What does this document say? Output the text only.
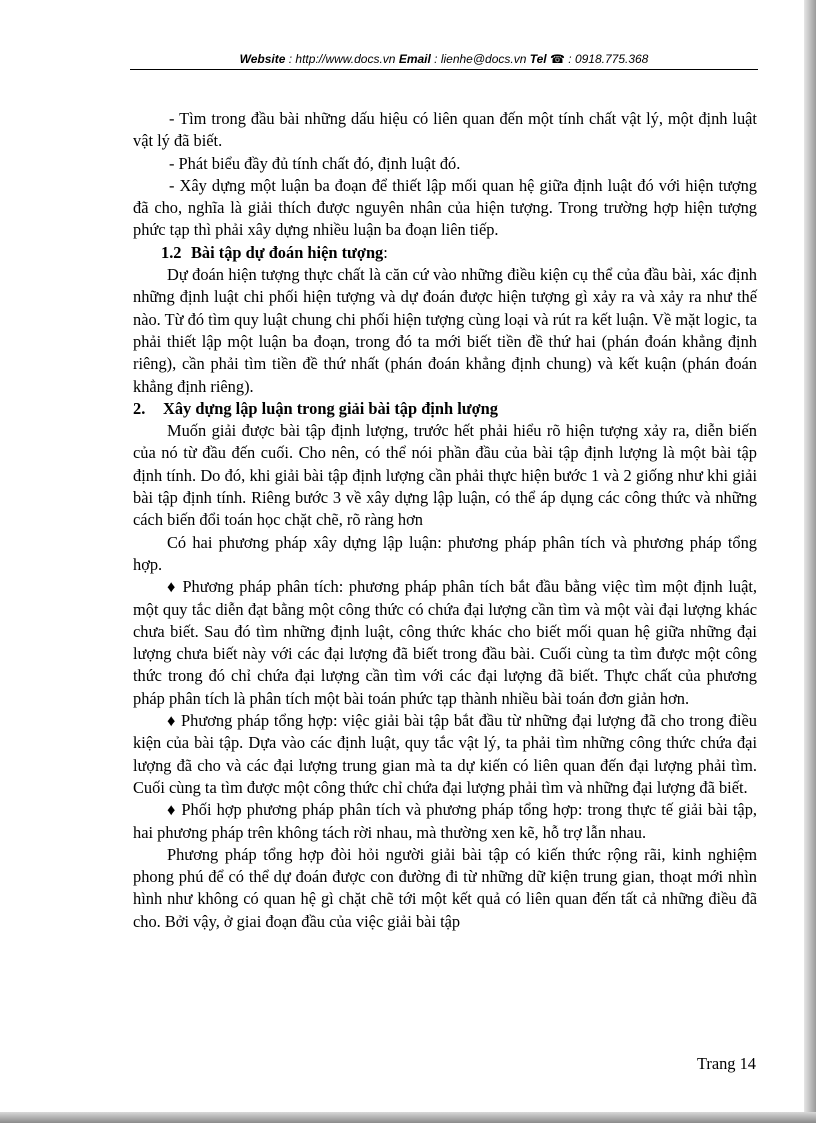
Website : http://www.docs.vn Email : lienhe@docs.vn Tel ☎ : 0918.775.368

- Tìm trong đầu bài những dấu hiệu có liên quan đến một tính chất vật lý, một định luật vật lý đã biết.

- Phát biểu đầy đủ tính chất đó, định luật đó.

- Xây dựng một luận ba đoạn để thiết lập mối quan hệ giữa định luật đó với hiện tượng đã cho, nghĩa là giải thích được nguyên nhân của hiện tượng. Trong trường hợp hiện tượng phức tạp thì phải xây dựng nhiều luận ba đoạn liên tiếp.

1.2 Bài tập dự đoán hiện tượng:

Dự đoán hiện tượng thực chất là căn cứ vào những điều kiện cụ thể của đầu bài, xác định những định luật chi phối hiện tượng và dự đoán được hiện tượng gì xảy ra và xảy ra như thế nào. Từ đó tìm quy luật chung chi phối hiện tượng cùng loại và rút ra kết luận. Về mặt logic, ta phải thiết lập một luận ba đoạn, trong đó ta mới biết tiền đề thứ hai (phán đoán khẳng định riêng), cần phải tìm tiền đề thứ nhất (phán đoán khẳng định chung) và kết kuận (phán đoán khẳng định riêng).

2. Xây dựng lập luận trong giải bài tập định lượng

Muốn giải được bài tập định lượng, trước hết phải hiểu rõ hiện tượng xảy ra, diễn biến của nó từ đầu đến cuối. Cho nên, có thể nói phần đầu của bài tập định lượng là một bài tập định tính. Do đó, khi giải bài tập định lượng cần phải thực hiện bước 1 và 2 giống như khi giải bài tập định tính. Riêng bước 3 về xây dựng lập luận, có thể áp dụng các công thức và những cách biến đổi toán học chặt chẽ, rõ ràng hơn

Có hai phương pháp xây dựng lập luận: phương pháp phân tích và phương pháp tổng hợp.

♦ Phương pháp phân tích: phương pháp phân tích bắt đầu bằng việc tìm một định luật, một quy tắc diễn đạt bằng một công thức có chứa đại lượng cần tìm và một vài đại lượng khác chưa biết. Sau đó tìm những định luật, công thức khác cho biết mối quan hệ giữa những đại lượng chưa biết này với các đại lượng đã biết trong đầu bài. Cuối cùng ta tìm được một công thức trong đó chỉ chứa đại lượng cần tìm với các đại lượng đã biết. Thực chất của phương pháp phân tích là phân tích một bài toán phức tạp thành nhiều bài toán đơn giản hơn.

♦ Phương pháp tổng hợp: việc giải bài tập bắt đầu từ những đại lượng đã cho trong điều kiện của bài tập. Dựa vào các định luật, quy tắc vật lý, ta phải tìm những công thức chứa đại lượng đã cho và các đại lượng trung gian mà ta dự kiến có liên quan đến đại lượng phải tìm. Cuối cùng ta tìm được một công thức chỉ chứa đại lượng phải tìm và những đại lượng đã biết.

♦ Phối hợp phương pháp phân tích và phương pháp tổng hợp: trong thực tế giải bài tập, hai phương pháp trên không tách rời nhau, mà thường xen kẽ, hỗ trợ lẫn nhau.

Phương pháp tổng hợp đòi hỏi người giải bài tập có kiến thức rộng rãi, kinh nghiệm phong phú để có thể dự đoán được con đường đi từ những dữ kiện trung gian, thoạt mới nhìn hình như không có quan hệ gì chặt chẽ tới một kết quả có liên quan đến tất cả những điều đã cho. Bởi vậy, ở giai đoạn đầu của việc giải bài tập

Trang 14
